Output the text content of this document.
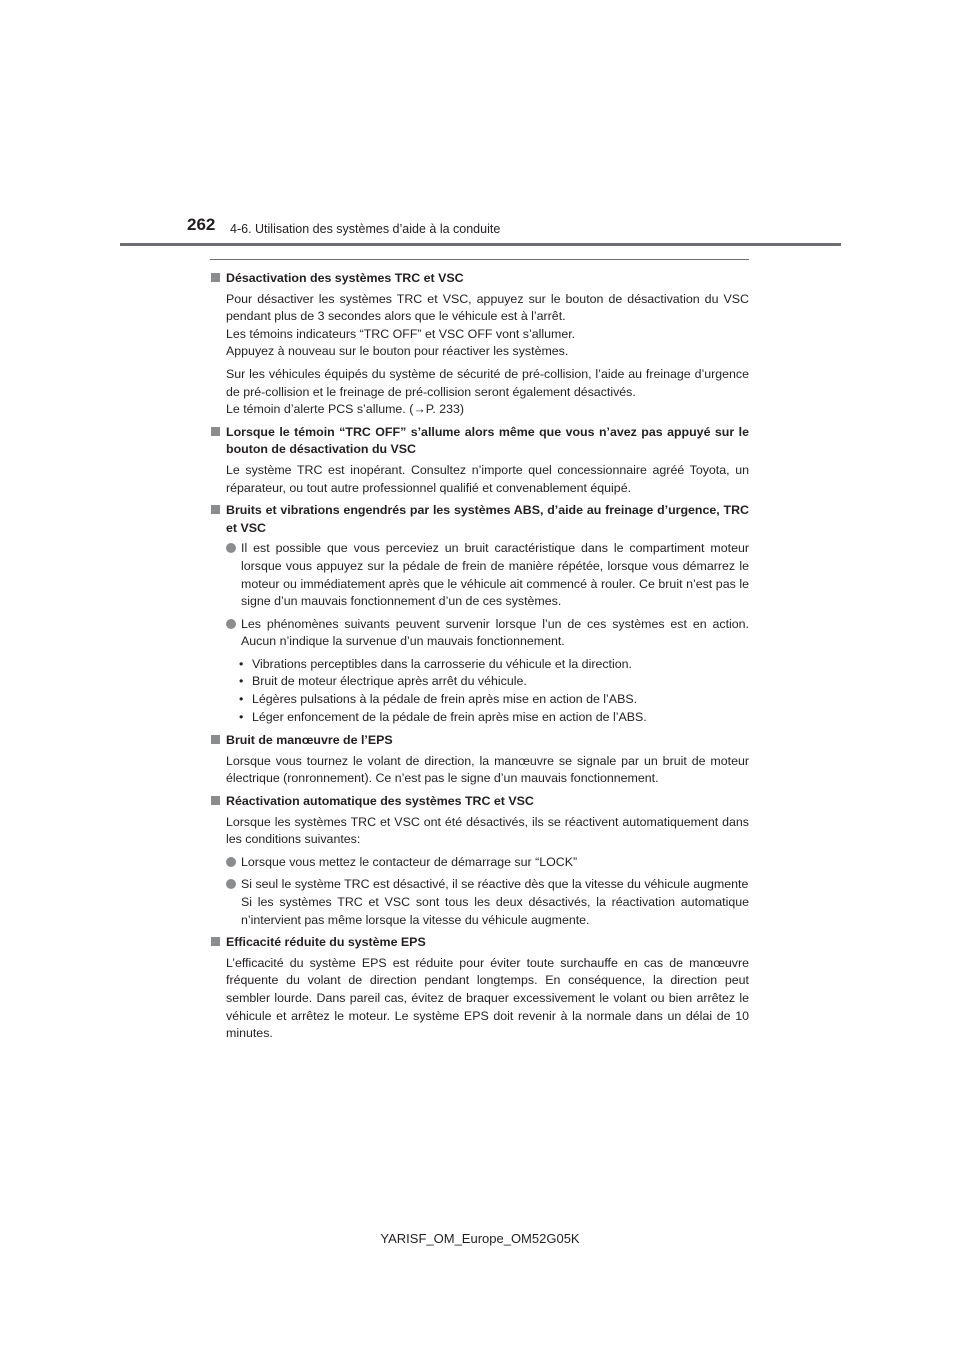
262 4-6. Utilisation des systèmes d’aide à la conduite
Désactivation des systèmes TRC et VSC
Pour désactiver les systèmes TRC et VSC, appuyez sur le bouton de désactivation du VSC pendant plus de 3 secondes alors que le véhicule est à l’arrêt.
Les témoins indicateurs “TRC OFF” et VSC OFF vont s’allumer.
Appuyez à nouveau sur le bouton pour réactiver les systèmes.
Sur les véhicules équipés du système de sécurité de pré-collision, l’aide au freinage d’urgence de pré-collision et le freinage de pré-collision seront également désactivés.
Le témoin d’alerte PCS s’allume. (→P. 233)
Lorsque le témoin “TRC OFF” s’allume alors même que vous n’avez pas appuyé sur le bouton de désactivation du VSC
Le système TRC est inopérant. Consultez n’importe quel concessionnaire agréé Toyota, un réparateur, ou tout autre professionnel qualifié et convenablement équipé.
Bruits et vibrations engendrés par les systèmes ABS, d’aide au freinage d’urgence, TRC et VSC
Il est possible que vous perceviez un bruit caractéristique dans le compartiment moteur lorsque vous appuyez sur la pédale de frein de manière répétée, lorsque vous démarrez le moteur ou immédiatement après que le véhicule ait commencé à rouler. Ce bruit n’est pas le signe d’un mauvais fonctionnement d’un de ces systèmes.
Les phénomènes suivants peuvent survenir lorsque l’un de ces systèmes est en action. Aucun n’indique la survenue d’un mauvais fonctionnement.
• Vibrations perceptibles dans la carrosserie du véhicule et la direction.
• Bruit de moteur électrique après arrêt du véhicule.
• Légères pulsations à la pédale de frein après mise en action de l’ABS.
• Léger enfoncement de la pédale de frein après mise en action de l’ABS.
Bruit de manœuvre de l’EPS
Lorsque vous tournez le volant de direction, la manœuvre se signale par un bruit de moteur électrique (ronronnement). Ce n’est pas le signe d’un mauvais fonctionnement.
Réactivation automatique des systèmes TRC et VSC
Lorsque les systèmes TRC et VSC ont été désactivés, ils se réactivent automatiquement dans les conditions suivantes:
Lorsque vous mettez le contacteur de démarrage sur “LOCK”
Si seul le système TRC est désactivé, il se réactive dès que la vitesse du véhicule augmente
Si les systèmes TRC et VSC sont tous les deux désactivés, la réactivation automatique n’intervient pas même lorsque la vitesse du véhicule augmente.
Efficacité réduite du système EPS
L’efficacité du système EPS est réduite pour éviter toute surchauffe en cas de manœuvre fréquente du volant de direction pendant longtemps. En conséquence, la direction peut sembler lourde. Dans pareil cas, évitez de braquer excessivement le volant ou bien arrêtez le véhicule et arrêtez le moteur. Le système EPS doit revenir à la normale dans un délai de 10 minutes.
YARISF_OM_Europe_OM52G05K
